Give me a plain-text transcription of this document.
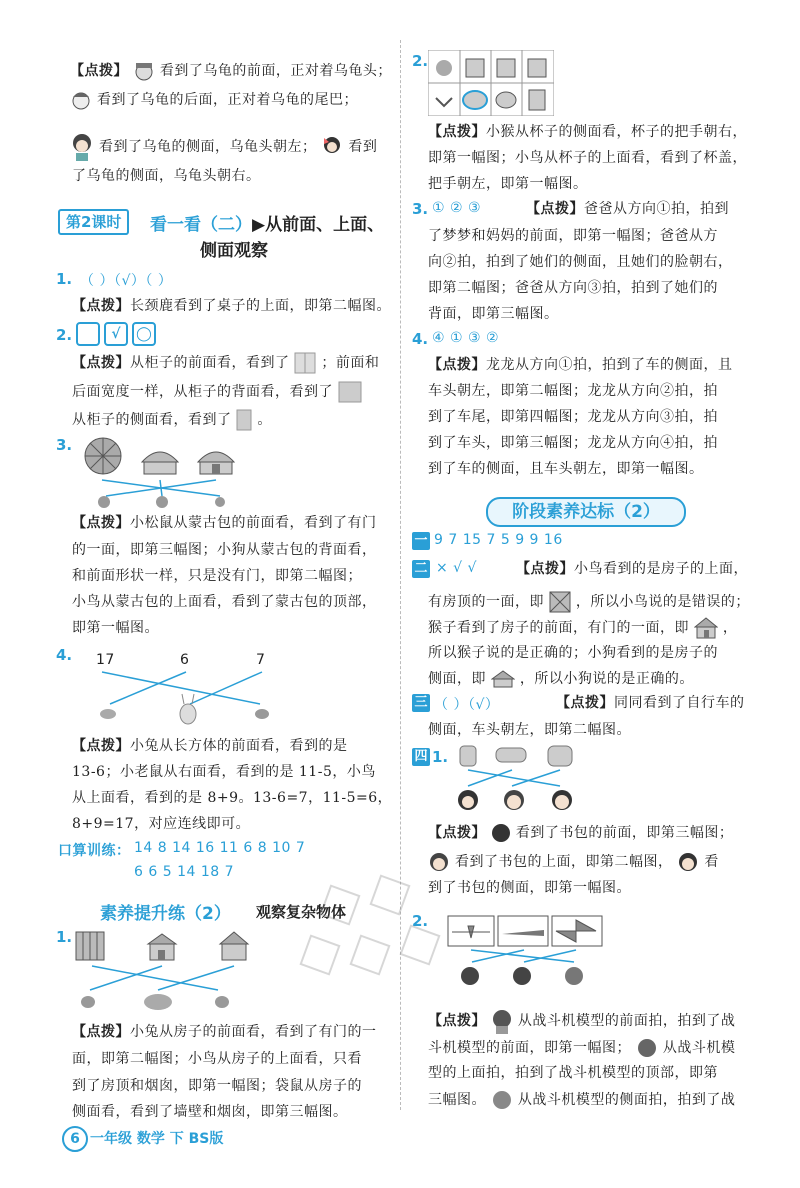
【点拨】 看到了乌龟的前面，正对着乌龟头；
看到了乌龟的后面，正对着乌龟的尾巴；
看到了乌龟的侧面，乌龟头朝左； 看到
了乌龟的侧面，乌龟头朝右。
第2课时	看一看（二） ▶从前面、上面、
侧面观察
1. （ ）（√）（ ）
【点拨】长颈鹿看到了桌子的上面，即第二幅图。
2.	√ ◯
【点拨】从柜子的前面看，看到了 ；前面和
后面宽度一样，从柜子的背面看，看到了
从柜子的侧面看，看到了 。
3.
【点拨】小松鼠从蒙古包的前面看，看到了有门
的一面，即第三幅图；小狗从蒙古包的背面看，
和前面形状一样，只是没有门，即第二幅图；
小鸟从蒙古包的上面看，看到了蒙古包的顶部，
即第一幅图。
4. 17	6	7
【点拨】小兔从长方体的前面看，看到的是
13-6；小老鼠从右面看，看到的是 11-5，小鸟
从上面看，看到的是 8+9。13-6=7，11-5=6，
8+9=17，对应连线即可。
口算训练： 14 8 14 16 11 6 8 10 7
6 6 5 14 18 7
素养提升练（2） 观察复杂物体
1.
【点拨】小兔从房子的前面看，看到了有门的一
面，即第二幅图；小鸟从房子的上面看，只看
到了房顶和烟囱，即第一幅图；袋鼠从房子的
侧面看，看到了墙壁和烟囱，即第三幅图。
6 一年级 数学 下 BS版
2.
【点拨】小猴从杯子的侧面看，杯子的把手朝右，
即第一幅图；小鸟从杯子的上面看，看到了杯盖，
把手朝左，即第一幅图。
3. ① ② ③	【点拨】爸爸从方向①拍，拍到
了梦梦和妈妈的前面，即第一幅图；爸爸从方
向②拍，拍到了她们的侧面，且她们的脸朝右，
即第二幅图；爸爸从方向③拍，拍到了她们的
背面，即第三幅图。
4. ④ ① ③ ②
【点拨】龙龙从方向①拍，拍到了车的侧面，且
车头朝左，即第二幅图；龙龙从方向②拍，拍
到了车尾，即第四幅图；龙龙从方向③拍，拍
到了车头，即第三幅图；龙龙从方向④拍，拍
到了车的侧面，且车头朝左，即第一幅图。
阶段素养达标（2）
一 9 7 15 7 5 9 9 16
二 × √ √	【点拨】小鸟看到的是房子的上面，
有房顶的一面，即 ，所以小鸟说的是错误的；
猴子看到了房子的前面，有门的一面，即 ，
所以猴子说的是正确的；小狗看到的是房子的
侧面，即 ，所以小狗说的是正确的。
三 （ ）（√）	【点拨】同同看到了自行车的
侧面，车头朝左，即第二幅图。
四 1.
【点拨】 看到了书包的前面，即第三幅图；
看到了书包的上面，即第二幅图， 看
到了书包的侧面，即第一幅图。
2.
【点拨】 从战斗机模型的前面拍，拍到了战
斗机模型的前面，即第一幅图； 从战斗机模
型的上面拍，拍到了战斗机模型的顶部，即第
三幅图。 从战斗机模型的侧面拍，拍到了战
